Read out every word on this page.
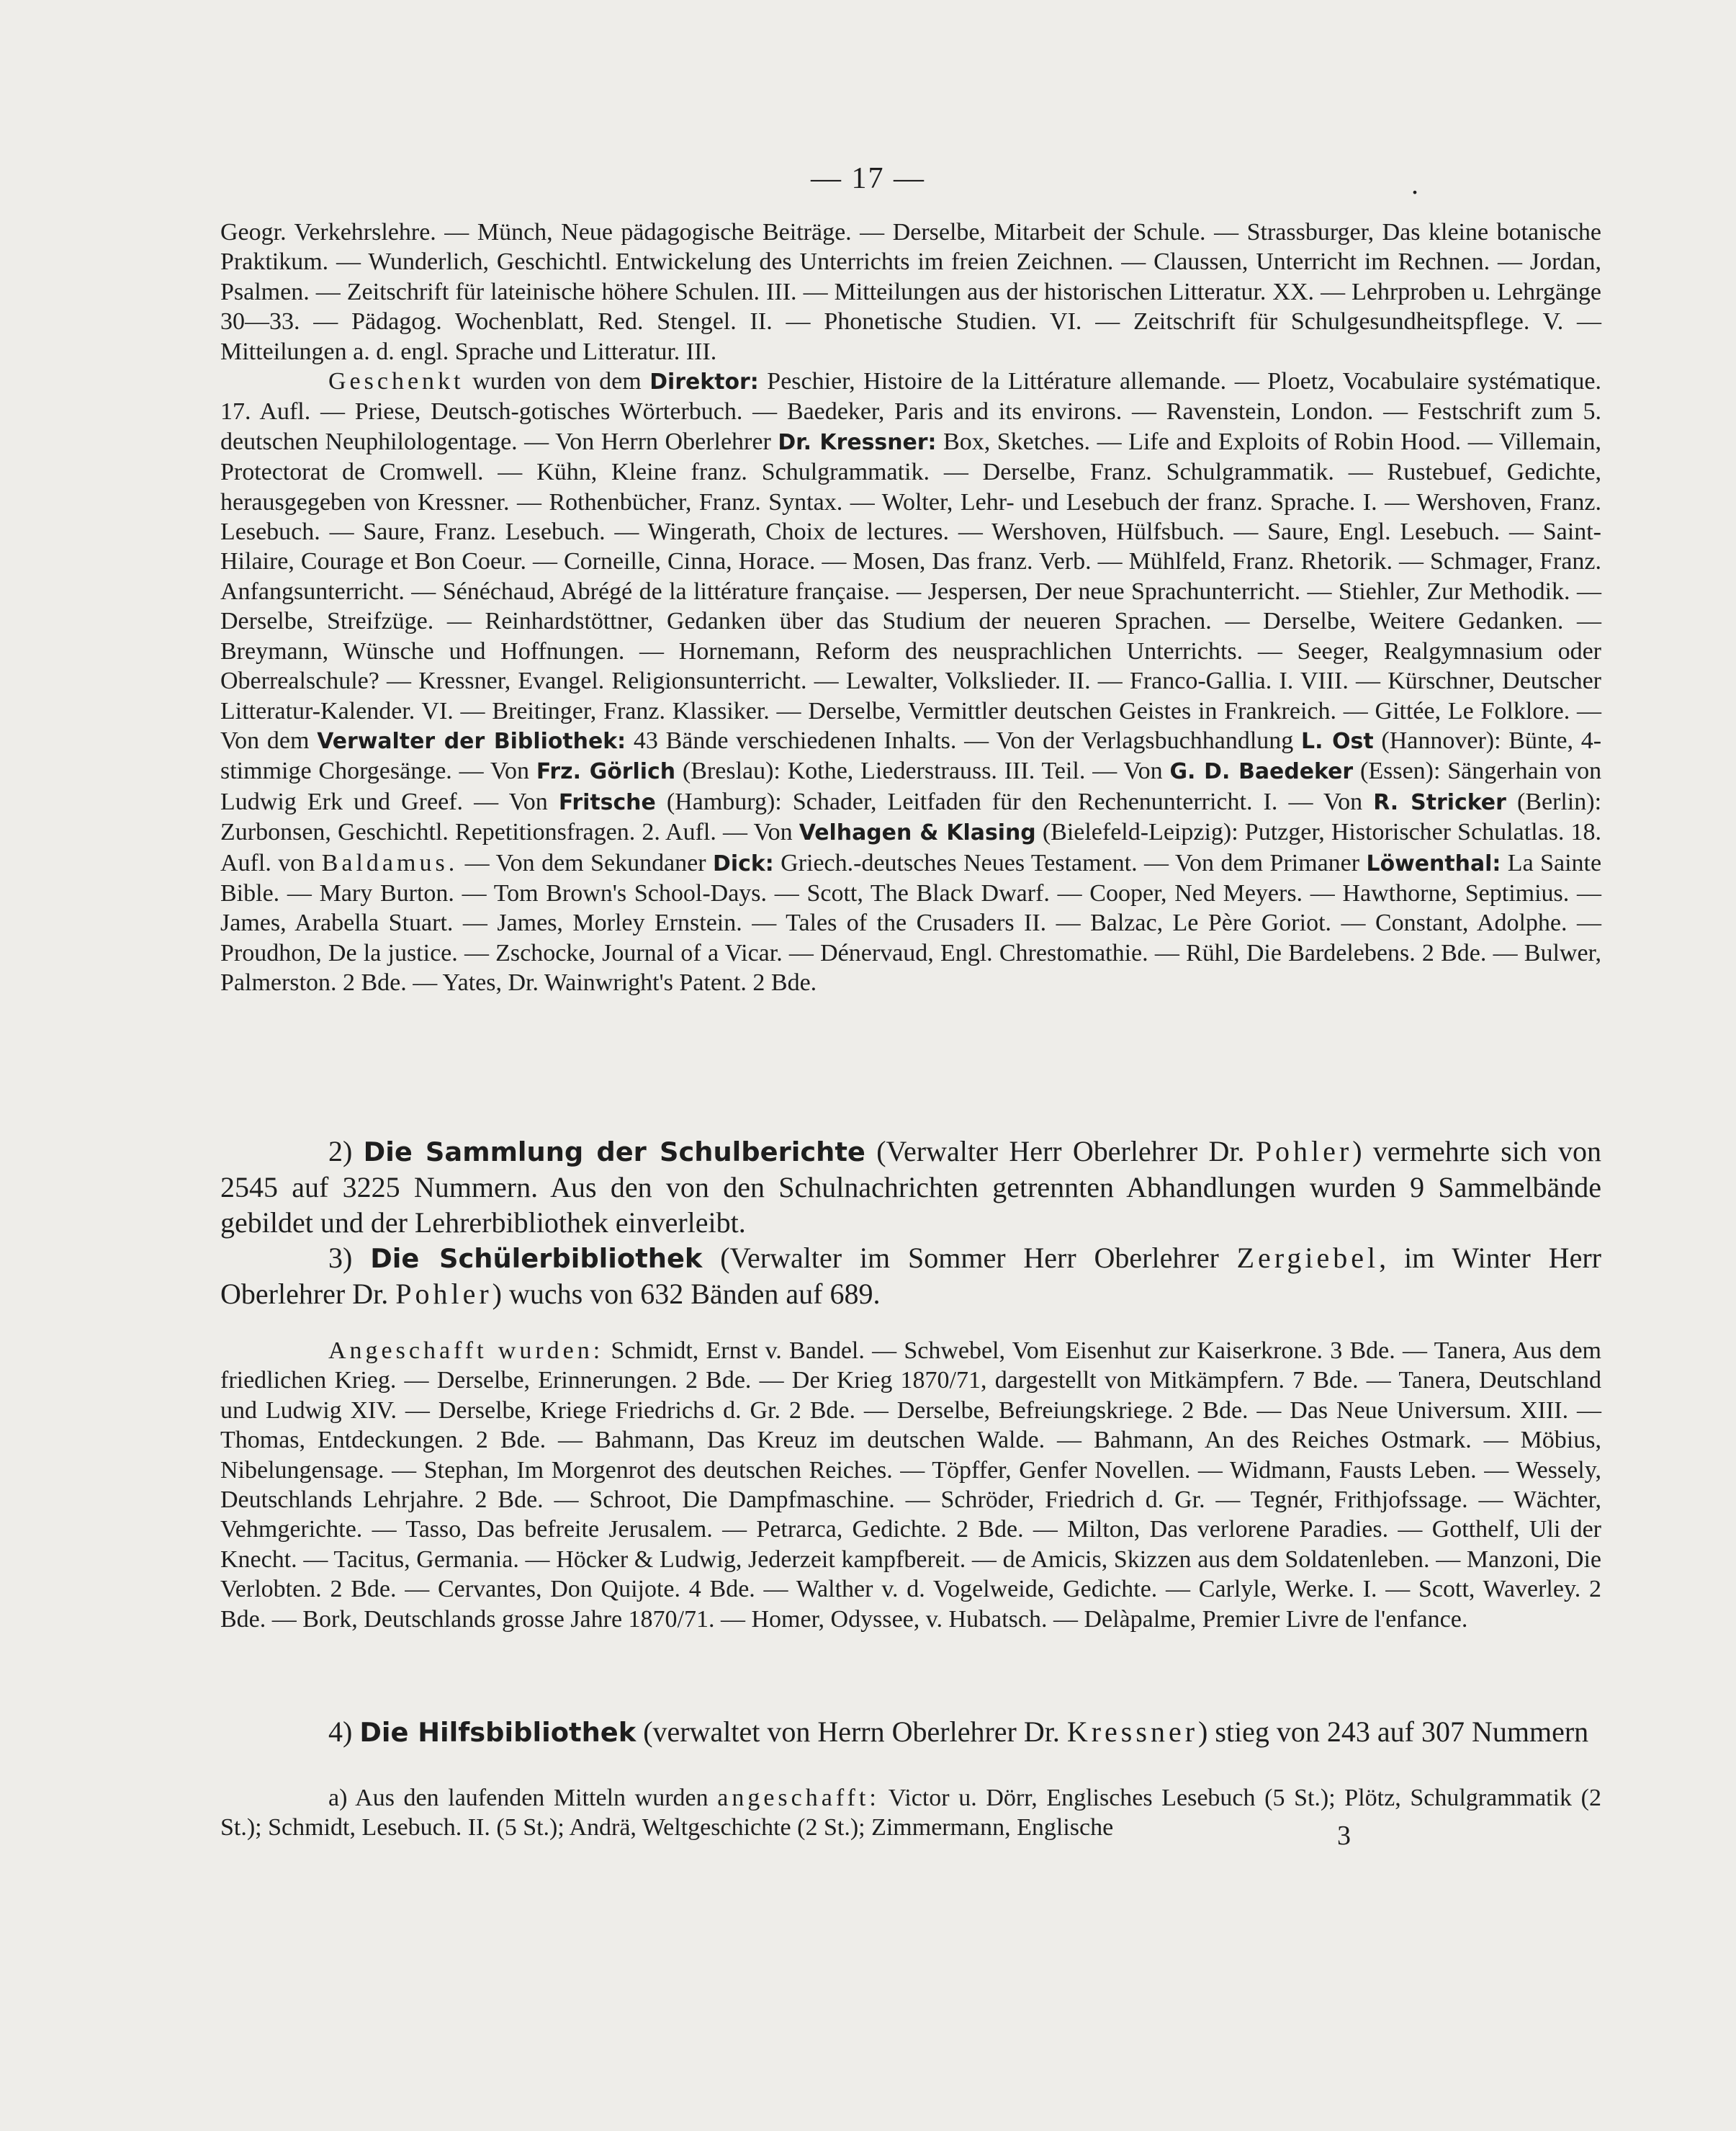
— 17 —	.

Geogr. Verkehrslehre. — Münch, Neue pädagogische Beiträge. — Derselbe, Mitarbeit der Schule. — Strassburger, Das kleine botanische Praktikum. — Wunderlich, Geschichtl. Entwickelung des Unterrichts im freien Zeichnen. — Claussen, Unterricht im Rechnen. — Jordan, Psalmen. — Zeitschrift für lateinische höhere Schulen. III. — Mitteilungen aus der historischen Litteratur. XX. — Lehrproben u. Lehrgänge 30—33. — Pädagog. Wochenblatt, Red. Stengel. II. — Phonetische Studien. VI. — Zeitschrift für Schulgesundheitspflege. V. — Mitteilungen a. d. engl. Sprache und Litteratur. III.

Geschenkt wurden von dem Direktor: Peschier, Histoire de la Littérature allemande. — Ploetz, Vocabulaire systématique. 17. Aufl. — Priese, Deutsch-gotisches Wörterbuch. — Baedeker, Paris and its environs. — Ravenstein, London. — Festschrift zum 5. deutschen Neuphilologentage. — Von Herrn Oberlehrer Dr. Kressner: Box, Sketches. — Life and Exploits of Robin Hood. — Villemain, Protectorat de Cromwell. — Kühn, Kleine franz. Schulgrammatik. — Derselbe, Franz. Schulgrammatik. — Rustebuef, Gedichte, herausgegeben von Kressner. — Rothenbücher, Franz. Syntax. — Wolter, Lehr- und Lesebuch der franz. Sprache. I. — Wershoven, Franz. Lesebuch. — Saure, Franz. Lesebuch. — Wingerath, Choix de lectures. — Wershoven, Hülfsbuch. — Saure, Engl. Lesebuch. — Saint-Hilaire, Courage et Bon Coeur. — Corneille, Cinna, Horace. — Mosen, Das franz. Verb. — Mühlfeld, Franz. Rhetorik. — Schmager, Franz. Anfangsunterricht. — Sénéchaud, Abrégé de la littérature française. — Jespersen, Der neue Sprachunterricht. — Stiehler, Zur Methodik. — Derselbe, Streifzüge. — Reinhardstöttner, Gedanken über das Studium der neueren Sprachen. — Derselbe, Weitere Gedanken. — Breymann, Wünsche und Hoffnungen. — Hornemann, Reform des neusprachlichen Unterrichts. — Seeger, Realgymnasium oder Oberrealschule? — Kressner, Evangel. Religionsunterricht. — Lewalter, Volkslieder. II. — Franco-Gallia. I. VIII. — Kürschner, Deutscher Litteratur-Kalender. VI. — Breitinger, Franz. Klassiker. — Derselbe, Vermittler deutschen Geistes in Frankreich. — Gittée, Le Folklore. — Von dem Verwalter der Bibliothek: 43 Bände verschiedenen Inhalts. — Von der Verlagsbuchhandlung L. Ost (Hannover): Bünte, 4-stimmige Chorgesänge. — Von Frz. Görlich (Breslau): Kothe, Liederstrauss. III. Teil. — Von G. D. Baedeker (Essen): Sängerhain von Ludwig Erk und Greef. — Von Fritsche (Hamburg): Schader, Leitfaden für den Rechenunterricht. I. — Von R. Stricker (Berlin): Zurbonsen, Geschichtl. Repetitionsfragen. 2. Aufl. — Von Velhagen & Klasing (Bielefeld-Leipzig): Putzger, Historischer Schulatlas. 18. Aufl. von Baldamus. — Von dem Sekundaner Dick: Griech.-deutsches Neues Testament. — Von dem Primaner Löwenthal: La Sainte Bible. — Mary Burton. — Tom Brown's School-Days. — Scott, The Black Dwarf. — Cooper, Ned Meyers. — Hawthorne, Septimius. — James, Arabella Stuart. — James, Morley Ernstein. — Tales of the Crusaders II. — Balzac, Le Père Goriot. — Constant, Adolphe. — Proudhon, De la justice. — Zschocke, Journal of a Vicar. — Dénervaud, Engl. Chrestomathie. — Rühl, Die Bardelebens. 2 Bde. — Bulwer, Palmerston. 2 Bde. — Yates, Dr. Wainwright's Patent. 2 Bde.

2) Die Sammlung der Schulberichte (Verwalter Herr Oberlehrer Dr. Pohler) vermehrte sich von 2545 auf 3225 Nummern. Aus den von den Schulnachrichten getrennten Abhandlungen wurden 9 Sammelbände gebildet und der Lehrerbibliothek einverleibt.

3) Die Schülerbibliothek (Verwalter im Sommer Herr Oberlehrer Zergiebel, im Winter Herr Oberlehrer Dr. Pohler) wuchs von 632 Bänden auf 689.

Angeschafft wurden: Schmidt, Ernst v. Bandel. — Schwebel, Vom Eisenhut zur Kaiserkrone. 3 Bde. — Tanera, Aus dem friedlichen Krieg. — Derselbe, Erinnerungen. 2 Bde. — Der Krieg 1870/71, dargestellt von Mitkämpfern. 7 Bde. — Tanera, Deutschland und Ludwig XIV. — Derselbe, Kriege Friedrichs d. Gr. 2 Bde. — Derselbe, Befreiungskriege. 2 Bde. — Das Neue Universum. XIII. — Thomas, Entdeckungen. 2 Bde. — Bahmann, Das Kreuz im deutschen Walde. — Bahmann, An des Reiches Ostmark. — Möbius, Nibelungensage. — Stephan, Im Morgenrot des deutschen Reiches. — Töpffer, Genfer Novellen. — Widmann, Fausts Leben. — Wessely, Deutschlands Lehrjahre. 2 Bde. — Schroot, Die Dampfmaschine. — Schröder, Friedrich d. Gr. — Tegnér, Frithjofssage. — Wächter, Vehmgerichte. — Tasso, Das befreite Jerusalem. — Petrarca, Gedichte. 2 Bde. — Milton, Das verlorene Paradies. — Gotthelf, Uli der Knecht. — Tacitus, Germania. — Höcker & Ludwig, Jederzeit kampfbereit. — de Amicis, Skizzen aus dem Soldatenleben. — Manzoni, Die Verlobten. 2 Bde. — Cervantes, Don Quijote. 4 Bde. — Walther v. d. Vogelweide, Gedichte. — Carlyle, Werke. I. — Scott, Waverley. 2 Bde. — Bork, Deutschlands grosse Jahre 1870/71. — Homer, Odyssee, v. Hubatsch. — Delàpalme, Premier Livre de l'enfance.

4) Die Hilfsbibliothek (verwaltet von Herrn Oberlehrer Dr. Kressner) stieg von 243 auf 307 Nummern

a) Aus den laufenden Mitteln wurden angeschafft: Victor u. Dörr, Englisches Lesebuch (5 St.); Plötz, Schulgrammatik (2 St.); Schmidt, Lesebuch. II. (5 St.); Andrä, Weltgeschichte (2 St.); Zimmermann, Englische	3
